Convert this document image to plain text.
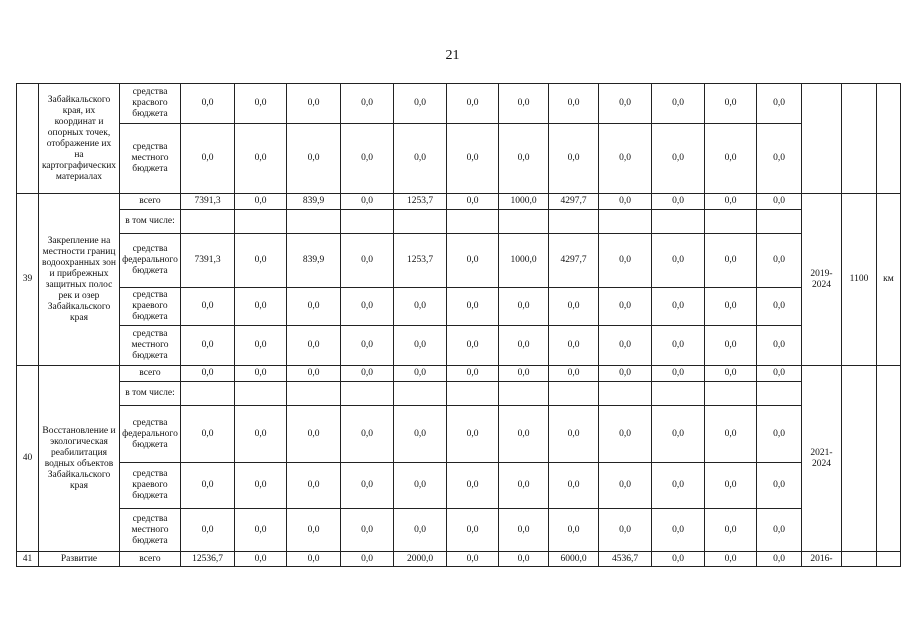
21
	Забайкальского края, их координат и опорных точек, отображение их на картографических материалах	средства красвого бюджета	0,0	0,0	0,0	0,0	0,0	0,0	0,0	0,0	0,0	0,0	0,0	0,0			
		средства местного бюджета	0,0	0,0	0,0	0,0	0,0	0,0	0,0	0,0	0,0	0,0	0,0	0,0			
39	Закрепление на местности границ водоохранных зон и прибрежных защитных полос рек и озер Забайкальского края	всего	7391,3	0,0	839,9	0,0	1253,7	0,0	1000,0	4297,7	0,0	0,0	0,0	0,0	2019-2024	1100	км
		в том числе:															
		средства федерального бюджета	7391,3	0,0	839,9	0,0	1253,7	0,0	1000,0	4297,7	0,0	0,0	0,0	0,0			
		средства краевого бюджета	0,0	0,0	0,0	0,0	0,0	0,0	0,0	0,0	0,0	0,0	0,0	0,0			
		средства местного бюджета	0,0	0,0	0,0	0,0	0,0	0,0	0,0	0,0	0,0	0,0	0,0	0,0			
40	Восстановление и экологическая реабилитация водных объектов Забайкальского края	всего	0,0	0,0	0,0	0,0	0,0	0,0	0,0	0,0	0,0	0,0	0,0	0,0	2021-2024		
		в том числе:															
		средства федерального бюджета	0,0	0,0	0,0	0,0	0,0	0,0	0,0	0,0	0,0	0,0	0,0	0,0			
		средства краевого бюджета	0,0	0,0	0,0	0,0	0,0	0,0	0,0	0,0	0,0	0,0	0,0	0,0			
		средства местного бюджета	0,0	0,0	0,0	0,0	0,0	0,0	0,0	0,0	0,0	0,0	0,0	0,0			
41	Развитие	всего	12536,7	0,0	0,0	0,0	2000,0	0,0	0,0	6000,0	4536,7	0,0	0,0	0,0	2016-		
